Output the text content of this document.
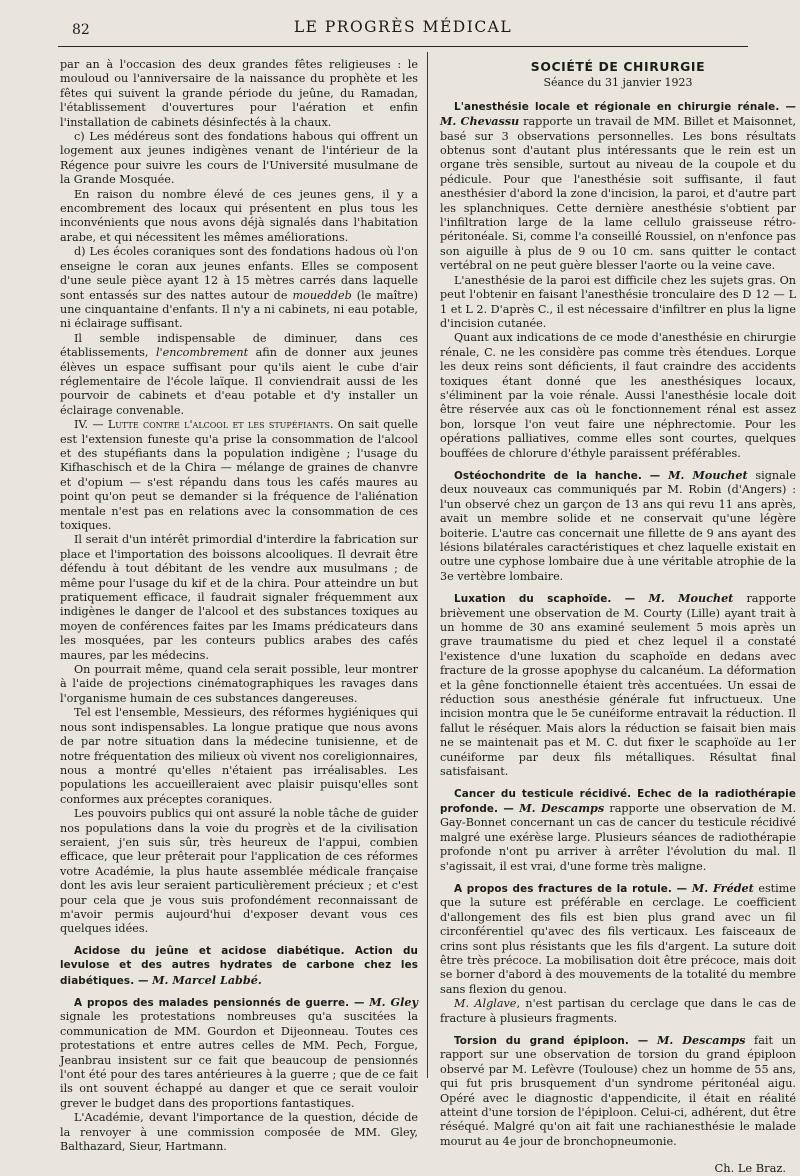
82	LE PROGRÈS MÉDICAL

par an à l'occasion des deux grandes fêtes religieuses : le mouloud ou l'anniversaire de la naissance du prophète et les fêtes qui suivent la grande période du jeûne, du Ramadan, l'établissement d'ouvertures pour l'aération et enfin l'installation de cabinets désinfectés à la chaux.

c) Les médéreus sont des fondations habous qui offrent un logement aux jeunes indigènes venant de l'intérieur de la Régence pour suivre les cours de l'Université musulmane de la Grande Mosquée.

En raison du nombre élevé de ces jeunes gens, il y a encombrement des locaux qui présentent en plus tous les inconvénients que nous avons déjà signalés dans l'habitation arabe, et qui nécessitent les mêmes améliorations.

d) Les écoles coraniques sont des fondations hadous où l'on enseigne le coran aux jeunes enfants. Elles se composent d'une seule pièce ayant 12 à 15 mètres carrés dans laquelle sont entassés sur des nattes autour de moueddeb (le maître) une cinquantaine d'enfants. Il n'y a ni cabinets, ni eau potable, ni éclairage suffisant.

Il semble indispensable de diminuer, dans ces établissements, l'encombrement afin de donner aux jeunes élèves un espace suffisant pour qu'ils aient le cube d'air réglementaire de l'école laïque. Il conviendrait aussi de les pourvoir de cabinets et d'eau potable et d'y installer un éclairage convenable.

IV. — Lutte contre l'alcool et les stupéfiants. On sait quelle est l'extension funeste qu'a prise la consommation de l'alcool et des stupéfiants dans la population indigène ; l'usage du Kifhaschisch et de la Chira — mélange de graines de chanvre et d'opium — s'est répandu dans tous les cafés maures au point qu'on peut se demander si la fréquence de l'aliénation mentale n'est pas en relations avec la consommation de ces toxiques.

Il serait d'un intérêt primordial d'interdire la fabrication sur place et l'importation des boissons alcooliques. Il devrait être défendu à tout débitant de les vendre aux musulmans ; de même pour l'usage du kif et de la chira. Pour atteindre un but pratiquement efficace, il faudrait signaler fréquemment aux indigènes le danger de l'alcool et des substances toxiques au moyen de conférences faites par les Imams prédicateurs dans les mosquées, par les conteurs publics arabes des cafés maures, par les médecins.

On pourrait même, quand cela serait possible, leur montrer à l'aide de projections cinématographiques les ravages dans l'organisme humain de ces substances dangereuses.

Tel est l'ensemble, Messieurs, des réformes hygiéniques qui nous sont indispensables. La longue pratique que nous avons de par notre situation dans la médecine tunisienne, et de notre fréquentation des milieux où vivent nos coreligionnaires, nous a montré qu'elles n'étaient pas irréalisables. Les populations les accueilleraient avec plaisir puisqu'elles sont conformes aux préceptes coraniques.

Les pouvoirs publics qui ont assuré la noble tâche de guider nos populations dans la voie du progrès et de la civilisation seraient, j'en suis sûr, très heureux de l'appui, combien efficace, que leur prêterait pour l'application de ces réformes votre Académie, la plus haute assemblée médicale française dont les avis leur seraient particulièrement précieux ; et c'est pour cela que je vous suis profondément reconnaissant de m'avoir permis aujourd'hui d'exposer devant vous ces quelques idées.

Acidose du jeûne et acidose diabétique. Action du levulose et des autres hydrates de carbone chez les diabétiques. — M. Marcel Labbé.

A propos des malades pensionnés de guerre. — M. Gley signale les protestations nombreuses qu'a suscitées la communication de MM. Gourdon et Dijeonneau. Toutes ces protestations et entre autres celles de MM. Pech, Forgue, Jeanbrau insistent sur ce fait que beaucoup de pensionnés l'ont été pour des tares antérieures à la guerre ; que de ce fait ils ont souvent échappé au danger et que ce serait vouloir grever le budget dans des proportions fantastiques.

L'Académie, devant l'importance de la question, décide de la renvoyer à une commission composée de MM. Gley, Balthazard, Sieur, Hartmann.

SOCIÉTÉ DE CHIRURGIE
Séance du 31 janvier 1923

L'anesthésie locale et régionale en chirurgie rénale. — M. Chevassu rapporte un travail de MM. Billet et Maisonnet, basé sur 3 observations personnelles. Les bons résultats obtenus sont d'autant plus intéressants que le rein est un organe très sensible, surtout au niveau de la coupole et du pédicule. Pour que l'anesthésie soit suffisante, il faut anesthésier d'abord la zone d'incision, la paroi, et d'autre part les splanchniques. Cette dernière anesthésie s'obtient par l'infiltration large de la lame cellulo graisseuse rétro-péritonéale. Si, comme l'a conseillé Roussiel, on n'enfonce pas son aiguille à plus de 9 ou 10 cm. sans quitter le contact vertébral on ne peut guère blesser l'aorte ou la veine cave.

L'anesthésie de la paroi est difficile chez les sujets gras. On peut l'obtenir en faisant l'anesthésie tronculaire des D 12 — L 1 et L 2. D'après C., il est nécessaire d'infiltrer en plus la ligne d'incision cutanée.

Quant aux indications de ce mode d'anesthésie en chirurgie rénale, C. ne les considère pas comme très étendues. Lorque les deux reins sont déficients, il faut craindre des accidents toxiques étant donné que les anesthésiques locaux, s'éliminent par la voie rénale. Aussi l'anesthésie locale doit être réservée aux cas où le fonctionnement rénal est assez bon, lorsque l'on veut faire une néphrectomie. Pour les opérations palliatives, comme elles sont courtes, quelques bouffées de chlorure d'éthyle paraissent préférables.

Ostéochondrite de la hanche. — M. Mouchet signale deux nouveaux cas communiqués par M. Robin (d'Angers) : l'un observé chez un garçon de 13 ans qui revu 11 ans après, avait un membre solide et ne conservait qu'une légère boiterie. L'autre cas concernait une fillette de 9 ans ayant des lésions bilatérales caractéristiques et chez laquelle existait en outre une cyphose lombaire due à une véritable atrophie de la 3e vertèbre lombaire.

Luxation du scaphoïde. — M. Mouchet rapporte brièvement une observation de M. Courty (Lille) ayant trait à un homme de 30 ans examiné seulement 5 mois après un grave traumatisme du pied et chez lequel il a constaté l'existence d'une luxation du scaphoïde en dedans avec fracture de la grosse apophyse du calcanéum. La déformation et la gêne fonctionnelle étaient très accentuées. Un essai de réduction sous anesthésie générale fut infructueux. Une incision montra que le 5e cunéiforme entravait la réduction. Il fallut le réséquer. Mais alors la réduction se faisait bien mais ne se maintenait pas et M. C. dut fixer le scaphoïde au 1er cunéiforme par deux fils métalliques. Résultat final satisfaisant.

Cancer du testicule récidivé. Echec de la radiothérapie profonde. — M. Descamps rapporte une observation de M. Gay-Bonnet concernant un cas de cancer du testicule récidivé malgré une exérèse large. Plusieurs séances de radiothérapie profonde n'ont pu arriver à arrêter l'évolution du mal. Il s'agissait, il est vrai, d'une forme très maligne.

A propos des fractures de la rotule. — M. Frédet estime que la suture est préférable en cerclage. Le coefficient d'allongement des fils est bien plus grand avec un fil circonférentiel qu'avec des fils verticaux. Les faisceaux de crins sont plus résistants que les fils d'argent. La suture doit être très précoce. La mobilisation doit être précoce, mais doit se borner d'abord à des mouvements de la totalité du membre sans flexion du genou.

M. Alglave, n'est partisan du cerclage que dans le cas de fracture à plusieurs fragments.

Torsion du grand épiploon. — M. Descamps fait un rapport sur une observation de torsion du grand épiploon observé par M. Lefèvre (Toulouse) chez un homme de 55 ans, qui fut pris brusquement d'un syndrome péritonéal aigu. Opéré avec le diagnostic d'appendicite, il était en réalité atteint d'une torsion de l'épiploon. Celui-ci, adhérent, dut être réséqué. Malgré qu'on ait fait une rachianesthésie le malade mourut au 4e jour de bronchopneumonie.

Ch. Le Braz.
